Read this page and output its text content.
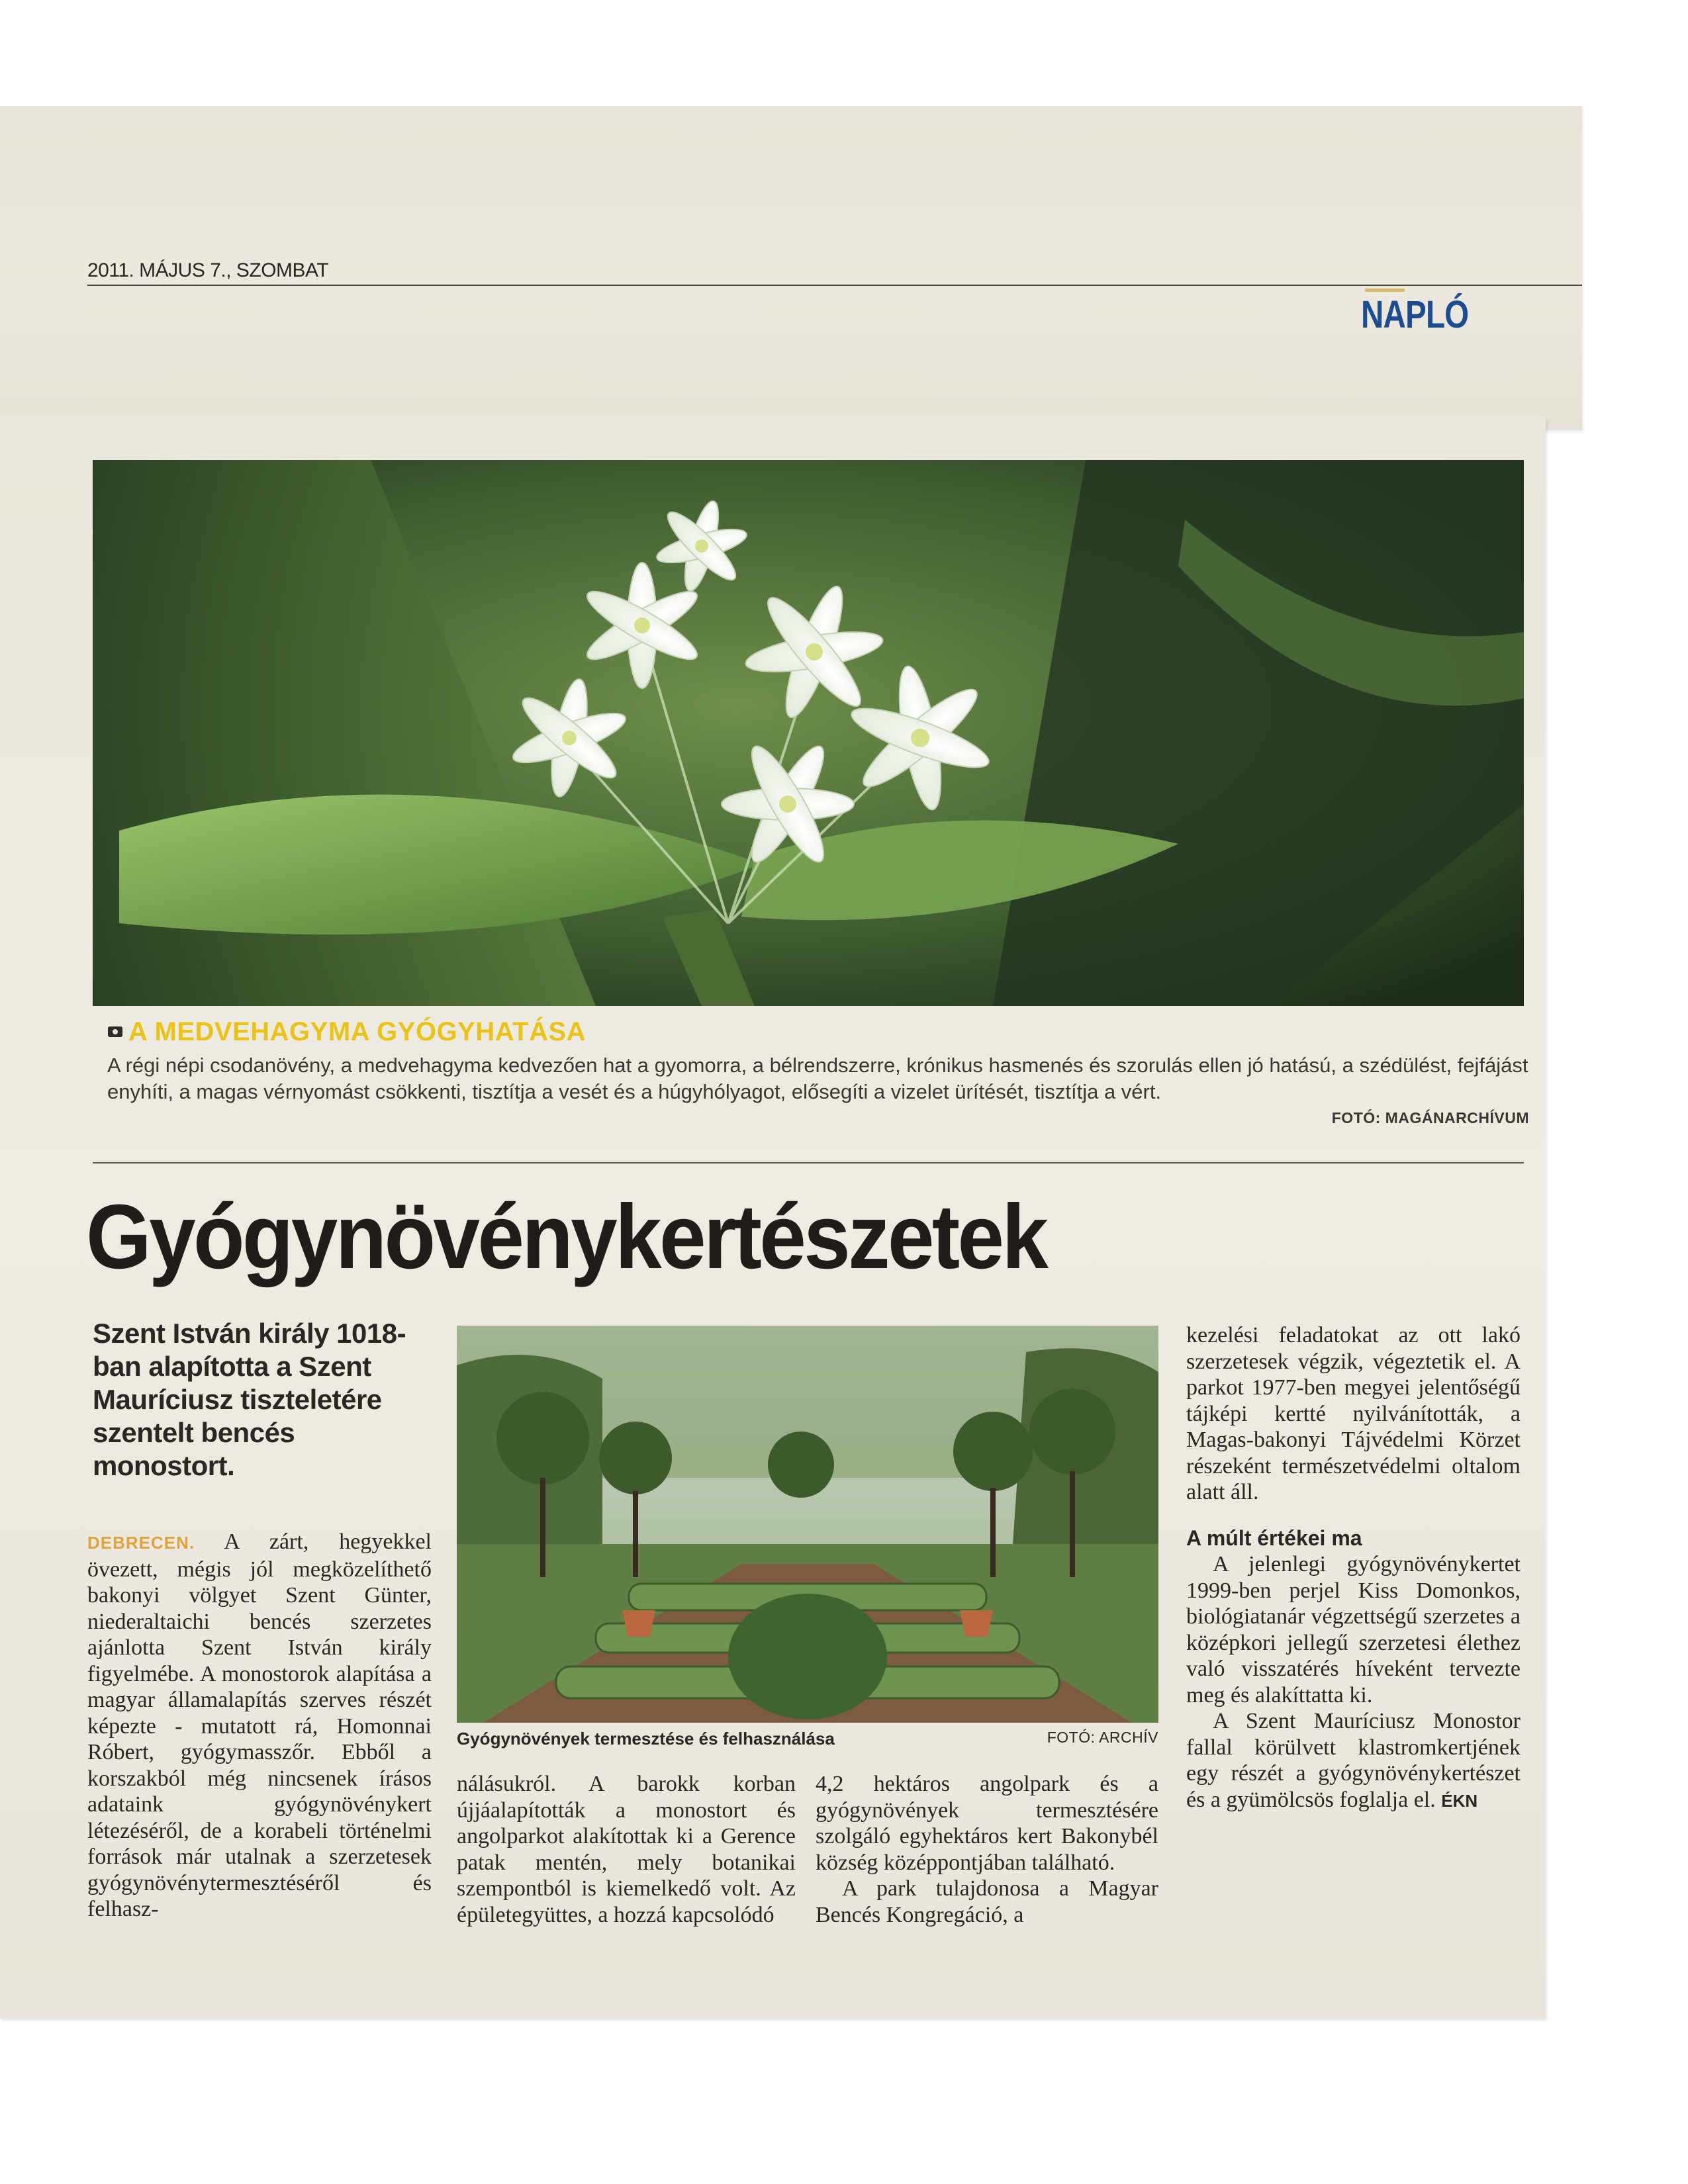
2011. MÁJUS 7., SZOMBAT
NAPLÓ
A MEDVEHAGYMA GYÓGYHATÁSA
A régi népi csodanövény, a medvehagyma kedvezően hat a gyomorra, a bélrendszerre, krónikus hasmenés és szorulás ellen jó hatású, a szédülést, fejfájást enyhíti, a magas vérnyomást csökkenti, tisztítja a vesét és a húgyhólyagot, elősegíti a vizelet ürítését, tisztítja a vért.
FOTÓ: MAGÁNARCHÍVUM
Gyógynövénykertészetek
Szent István király 1018-ban alapította a Szent Mauríciusz tiszteletére szentelt bencés monostort.

DEBRECEN. A zárt, hegyekkel övezett, mégis jól megközelíthető bakonyi völgyet Szent Günter, niederaltaichi bencés szerzetes ajánlotta Szent István király figyelmébe. A monostorok alapítása a magyar államalapítás szerves részét képezte - mutatott rá, Homonnai Róbert, gyógymasszőr. Ebből a korszakból még nincsenek írásos adataink gyógynövénykert létezéséről, de a korabeli történelmi források már utalnak a szerzetesek gyógynövénytermesztéséről és felhasz-

Gyógynövények termesztése és felhasználása	FOTÓ: ARCHÍV

nálásukról. A barokk korban újjáalapították a monostort és angolparkot alakítottak ki a Gerence patak mentén, mely botanikai szempontból is kiemelkedő volt. Az épületegyüttes, a hozzá kapcsolódó

4,2 hektáros angolpark és a gyógynövények termesztésére szolgáló egyhektáros kert Bakonybél község középpontjában található.

A park tulajdonosa a Magyar Bencés Kongregáció, a

kezelési feladatokat az ott lakó szerzetesek végzik, végeztetik el. A parkot 1977-ben megyei jelentőségű tájképi kertté nyilvánították, a Magas-bakonyi Tájvédelmi Körzet részeként természetvédelmi oltalom alatt áll.

A múlt értékei ma

A jelenlegi gyógynövénykertet 1999-ben perjel Kiss Domonkos, biológiatanár végzettségű szerzetes a középkori jellegű szerzetesi élethez való visszatérés híveként tervezte meg és alakíttatta ki.

A Szent Mauríciusz Monostor fallal körülvett klastromkertjének egy részét a gyógynövénykertészet és a gyümölcsös foglalja el. ÉKN
